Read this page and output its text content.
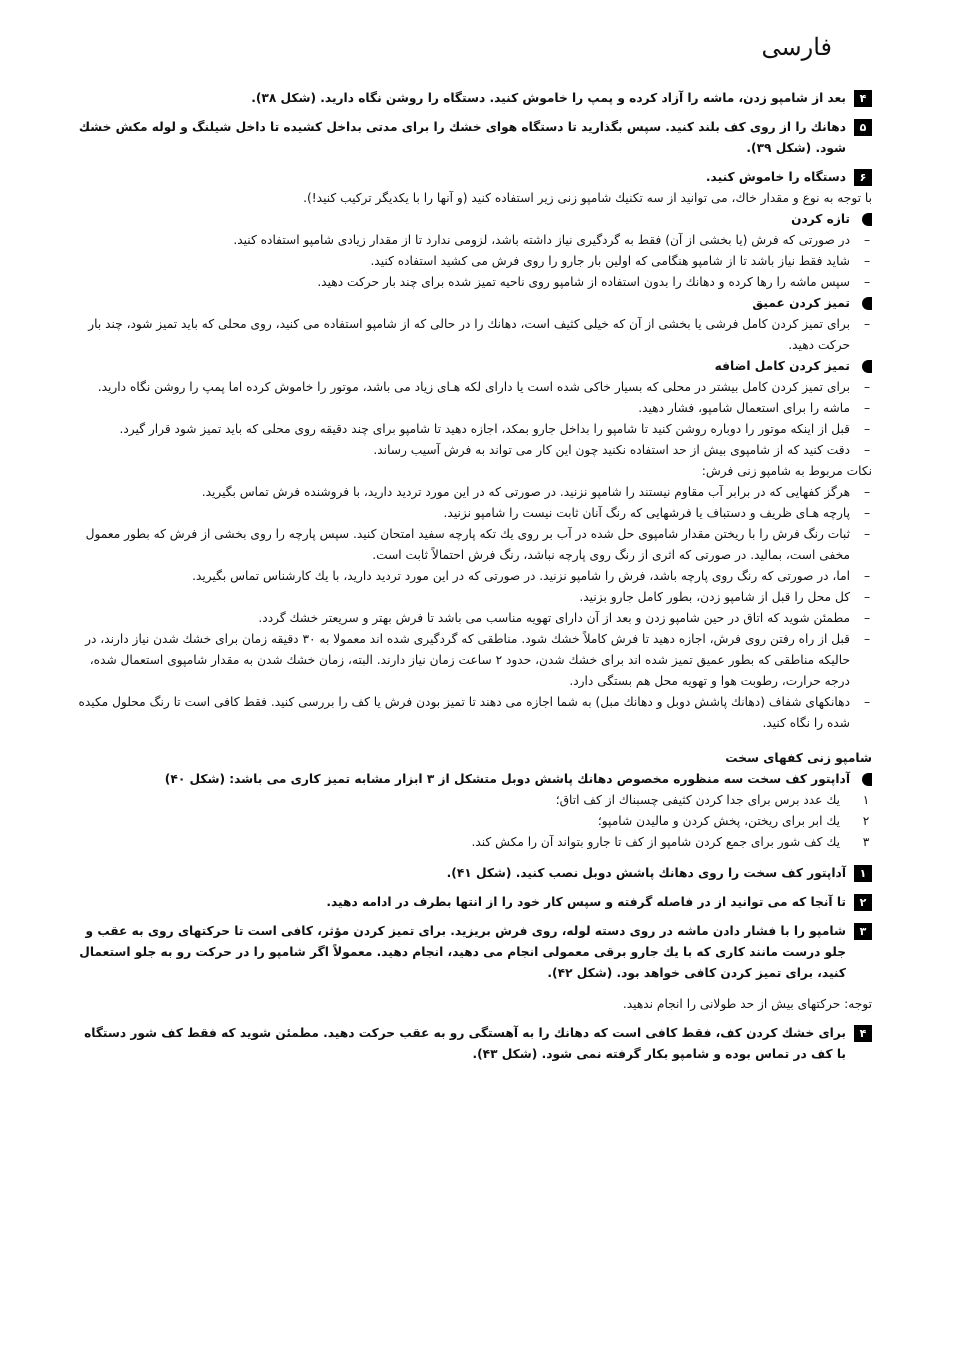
فارسی
۴
بعد از شامپو زدن، ماشه را آزاد کرده و پمپ را خاموش کنید. دستگاه را روشن نگاه دارید. (شکل ۳۸).
۵
دهانك را از روی کف بلند کنید. سپس بگذارید تا دستگاه هوای خشك را برای مدتی بداخل کشیده تا داخل شیلنگ و لوله مکش خشك شود. (شکل ۳۹).
۶
دستگاه را خاموش کنید.

با توجه به نوع و مقدار خاك، می توانید از سه تکنیك شامپو زنی زیر استفاده کنید (و آنها را با یکدیگر ترکیب کنید!).

تازه کردن
–
در صورتی که فرش (یا بخشی از آن) فقط به گردگیری نیاز داشته باشد، لزومی ندارد تا از مقدار زیادی شامپو استفاده کنید.
–
شاید فقط نیاز باشد تا از شامپو هنگامی که اولین بار جارو را روی فرش می کشید استفاده کنید.
–
سپس ماشه را رها کرده و دهانك را بدون استفاده از شامپو روی ناحیه تمیز شده برای چند بار حرکت دهید.
تمیز کردن عمیق
–
برای تمیز کردن کامل فرشی یا بخشی از آن که خیلی کثیف است، دهانك را در حالی که از شامپو استفاده می کنید، روی محلی که باید تمیز شود، چند بار حرکت دهید.
تمیز کردن کامل اضافه
–
برای تمیز کردن کامل بیشتر در محلی که بسیار خاکی شده است یا دارای لکه هـای زیاد می باشد، موتور را خاموش کرده اما پمپ را روشن نگاه دارید.
–
ماشه را برای استعمال شامپو، فشار دهید.
–
قبل از اینکه موتور را دوباره روشن کنید تا شامپو را بداخل جارو بمکد، اجازه دهید تا شامپو برای چند دقیقه روی محلی که باید تمیز شود قرار گیرد.
–
دقت کنید که از شامپوی بیش از حد استفاده نکنید چون این کار می تواند به فرش آسیب رساند.

نکات مربوط به شامپو زنی فرش:

–
هرگز کفهایی که در برابر آب مقاوم نیستند را شامپو نزنید. در صورتی که در این مورد تردید دارید، با فروشنده فرش تماس بگیرید.
–
پارچه هـای ظریف و دستباف یا فرشهایی که رنگ آنان ثابت نیست را شامپو نزنید.
–
ثبات رنگ فرش را با ریختن مقدار شامپوی حل شده در آب بر روی یك تکه پارچه سفید امتحان کنید. سپس پارچه را روی بخشی از فرش که بطور معمول مخفی است، بمالید. در صورتی که اثری از رنگ روی پارچه نباشد، رنگ فرش احتمالاً ثابت است.
–
اما، در صورتی که رنگ روی پارچه باشد، فرش را شامپو نزنید. در صورتی که در این مورد تردید دارید، با یك کارشناس تماس بگیرید.
–
کل محل را قبل از شامپو زدن، بطور کامل جارو بزنید.
–
مطمئن شوید که اتاق در حین شامپو زدن و بعد از آن دارای تهویه مناسب می باشد تا فرش بهتر و سریعتر خشك گردد.
–
قبل از راه رفتن روی فرش، اجازه دهید تا فرش کاملاً خشك شود. مناطقی که گردگیری شده اند معمولا به ۳۰ دقیقه زمان برای خشك شدن نیاز دارند، در حالیکه مناطقی که بطور عمیق تمیز شده اند برای خشك شدن، حدود ۲ ساعت زمان نیاز دارند. البته، زمان خشك شدن به مقدار شامپوی استعمال شده، درجه حرارت، رطوبت هوا و تهویه محل هم بستگی دارد.
–
دهانکهای شفاف (دهانك پاشش دوبل و دهانك مبل) به شما اجازه می دهند تا تمیز بودن فرش یا کف را بررسی کنید. فقط کافی است تا رنگ محلول مکیده شده را نگاه کنید.
شامپو زنی کفهای سخت
آداپتور کف سخت سه منظوره مخصوص دهانك پاشش دوبل متشکل از ۳ ابزار مشابه تمیز کاری می باشد: (شکل ۴۰)
۱
یك عدد برس برای جدا کردن کثیفی چسبناك از کف اتاق؛
۲
یك ابر برای ریختن، پخش کردن و مالیدن شامپو؛
۳
یك کف شور برای جمع کردن شامپو از کف تا جارو بتواند آن را مکش کند.
۱
آداپتور کف سخت را روی دهانك پاشش دوبل نصب کنید. (شکل ۴۱).
۲
تا آنجا که می توانید از در فاصله گرفته و سپس کار خود را از انتها بطرف در ادامه دهید.
۳
شامپو را با فشار دادن ماشه در روی دسته لوله، روی فرش بریزید. برای تمیز کردن مؤثر، کافی است تا حرکتهای روی به عقب و جلو درست مانند کاری که با یك جارو برقی معمولی انجام می دهید، انجام دهید. معمولاً اگر شامپو را در حرکت رو به جلو استعمال کنید، برای تمیز کردن کافی خواهد بود. (شکل ۴۲).

توجه: حرکتهای بیش از حد طولانی را انجام ندهید.

۴
برای خشك کردن کف، فقط کافی است که دهانك را به آهستگی رو به عقب حرکت دهید. مطمئن شوید که فقط کف شور دستگاه با کف در تماس بوده و شامپو بکار گرفته نمی شود. (شکل ۴۳).
